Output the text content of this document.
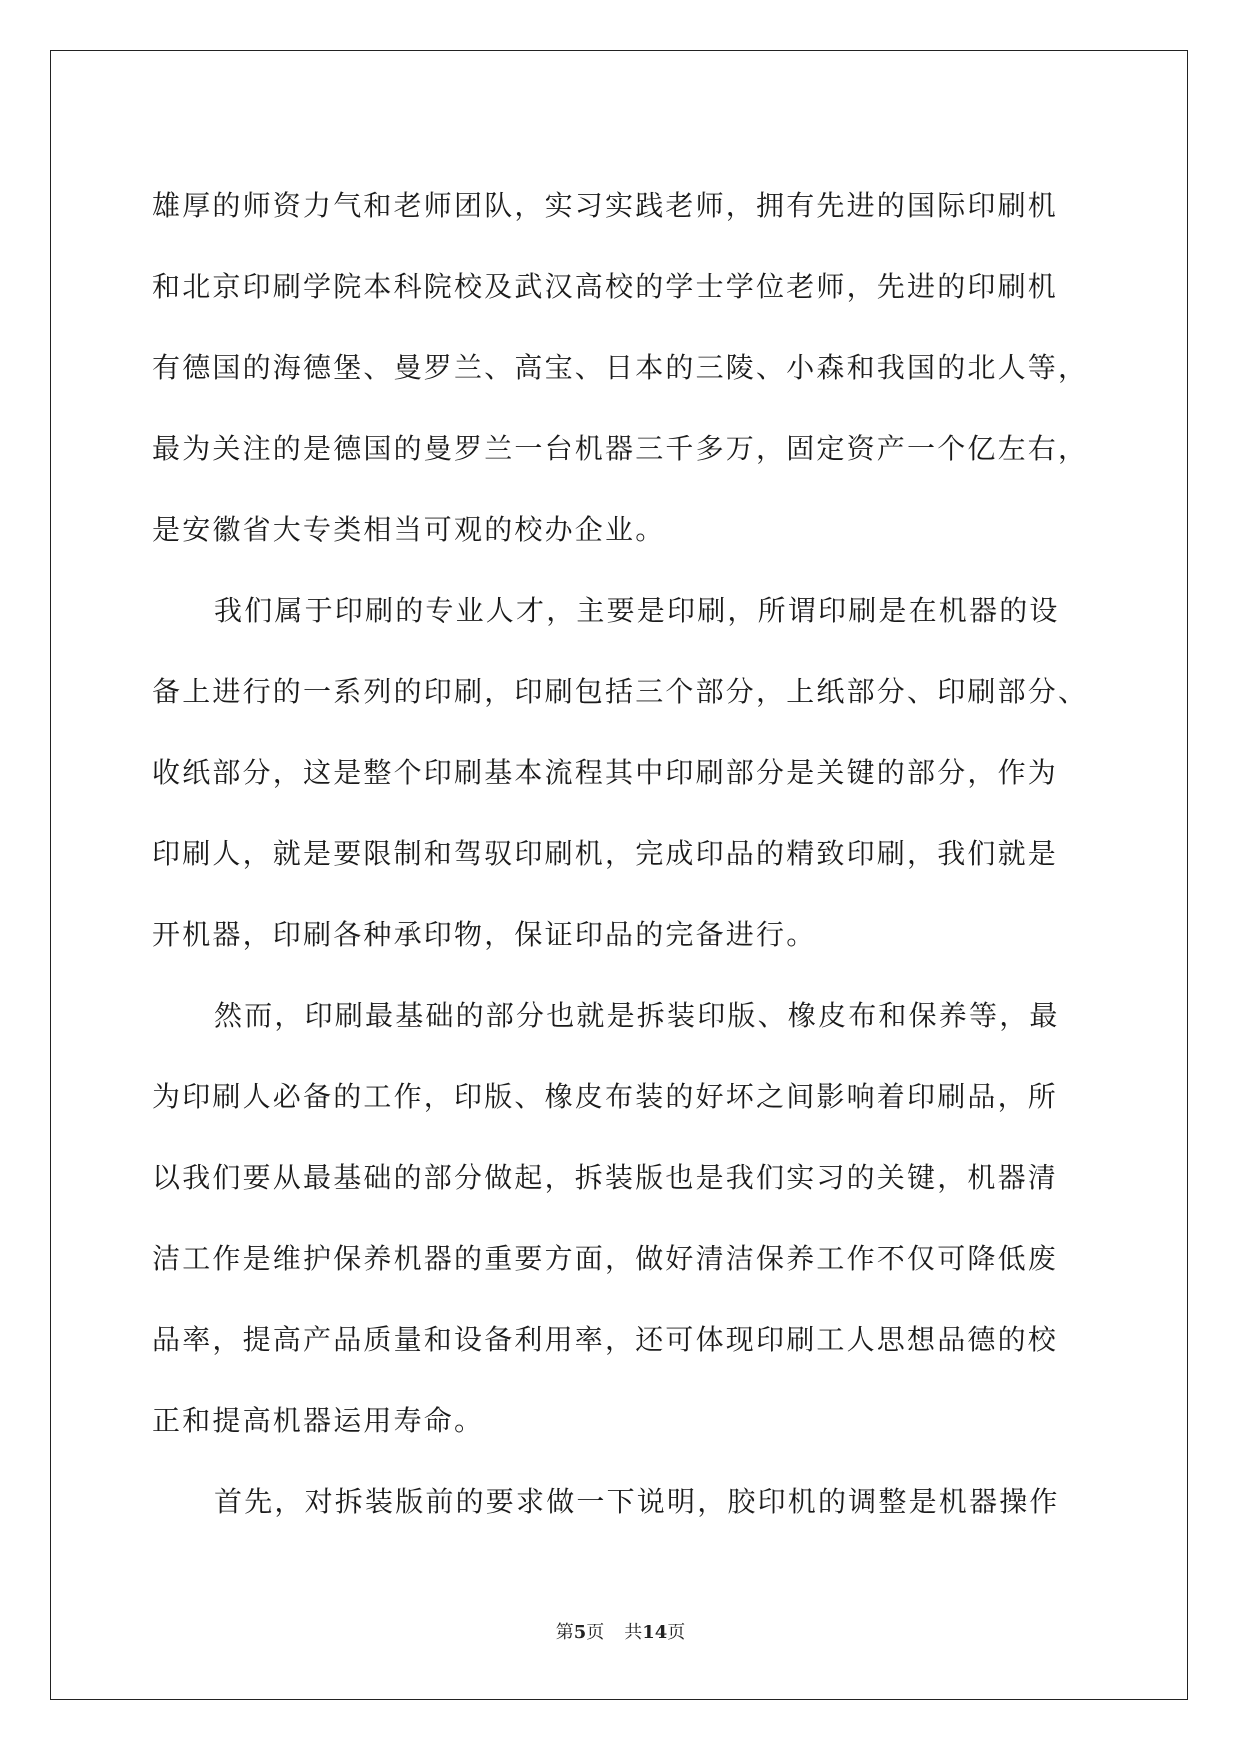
雄厚的师资力气和老师团队，实习实践老师，拥有先进的国际印刷机
和北京印刷学院本科院校及武汉高校的学士学位老师，先进的印刷机
有德国的海德堡、曼罗兰、高宝、日本的三陵、小森和我国的北人等，
最为关注的是德国的曼罗兰一台机器三千多万，固定资产一个亿左右，
是安徽省大专类相当可观的校办企业。
我们属于印刷的专业人才，主要是印刷，所谓印刷是在机器的设
备上进行的一系列的印刷，印刷包括三个部分，上纸部分、印刷部分、
收纸部分，这是整个印刷基本流程其中印刷部分是关键的部分，作为
印刷人，就是要限制和驾驭印刷机，完成印品的精致印刷，我们就是
开机器，印刷各种承印物，保证印品的完备进行。
然而，印刷最基础的部分也就是拆装印版、橡皮布和保养等，最
为印刷人必备的工作，印版、橡皮布装的好坏之间影响着印刷品，所
以我们要从最基础的部分做起，拆装版也是我们实习的关键，机器清
洁工作是维护保养机器的重要方面，做好清洁保养工作不仅可降低废
品率，提高产品质量和设备利用率，还可体现印刷工人思想品德的校
正和提高机器运用寿命。
首先，对拆装版前的要求做一下说明，胶印机的调整是机器操作
第5页 共14页
